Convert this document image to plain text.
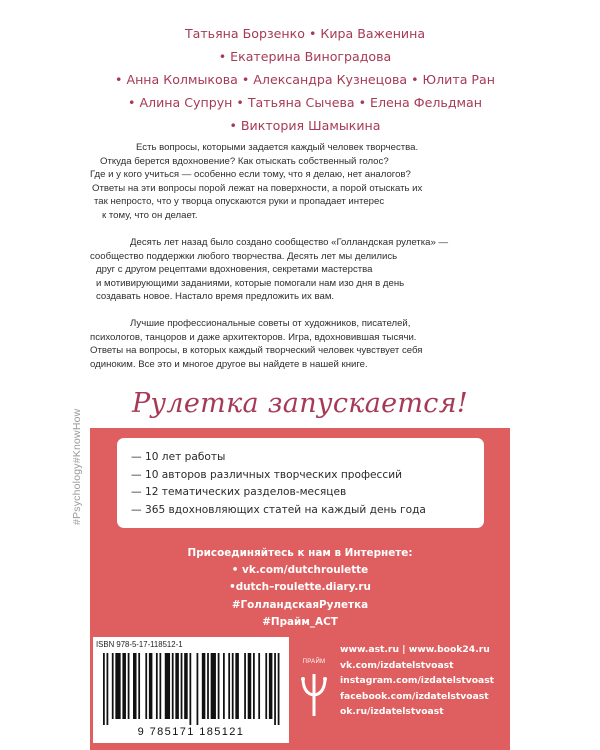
Татьяна Борзенко • Кира Важенина
• Екатерина Виноградова
• Анна Колмыкова • Александра Кузнецова • Юлита Ран
• Алина Супрун • Татьяна Сычева • Елена Фельдман
• Виктория Шамыкина
Есть вопросы, которыми задается каждый человек творчества.
Откуда берется вдохновение? Как отыскать собственный голос?
Где и у кого учиться — особенно если тому, что я делаю, нет аналогов?
Ответы на эти вопросы порой лежат на поверхности, а порой отыскать их
так непросто, что у творца опускаются руки и пропадает интерес
к тому, что он делает.
Десять лет назад было создано сообщество «Голландская рулетка» —
сообщество поддержки любого творчества. Десять лет мы делились
друг с другом рецептами вдохновения, секретами мастерства
и мотивирующими заданиями, которые помогали нам изо дня в день
создавать новое. Настало время предложить их вам.
Лучшие профессиональные советы от художников, писателей,
психологов, танцоров и даже архитекторов. Игра, вдохновившая тысячи.
Ответы на вопросы, в которых каждый творческий человек чувствует себя
одиноким. Все это и многое другое вы найдете в нашей книге.
#Psychology#KnowHow
Рулетка запускается!
— 10 лет работы
— 10 авторов различных творческих профессий
— 12 тематических разделов-месяцев
— 365 вдохновляющих статей на каждый день года
Присоединяйтесь к нам в Интернете:
• vk.com/dutchroulette
•dutch–roulette.diary.ru
#ГолландскаяРулетка
#Прайм_АСТ
ISBN 978-5-17-118512-1
9 785171 185121
ПРАЙМ
www.ast.ru | www.book24.ru
vk.com/izdatelstvoast
instagram.com/izdatelstvoast
facebook.com/izdatelstvoast
ok.ru/izdatelstvoast
